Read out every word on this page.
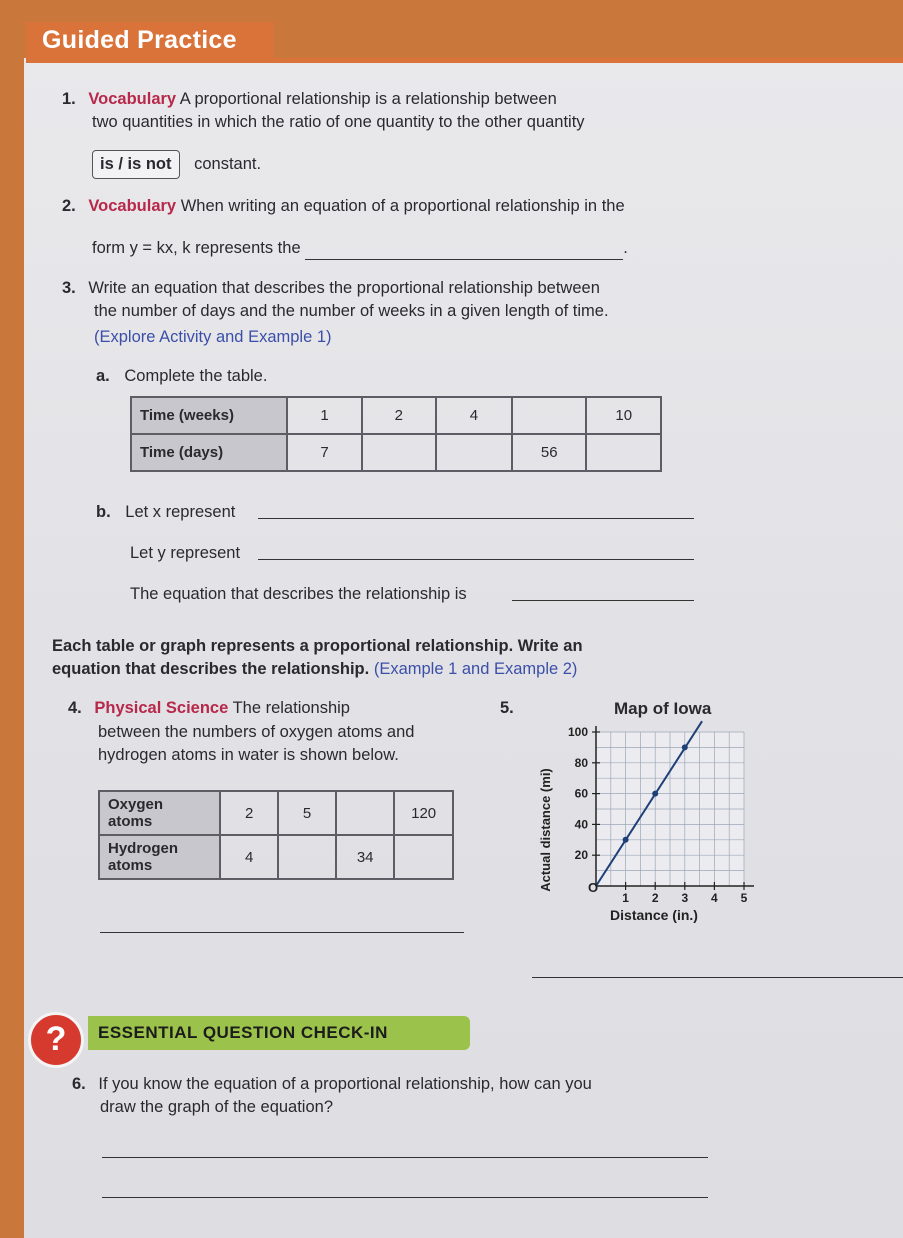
Guided Practice
1. Vocabulary A proportional relationship is a relationship between
two quantities in which the ratio of one quantity to the other quantity
is / is not constant.
2. Vocabulary When writing an equation of a proportional relationship in the
form y = kx, k represents the	.
3. Write an equation that describes the proportional relationship between
the number of days and the number of weeks in a given length of time.
(Explore Activity and Example 1)
a. Complete the table.
Time (weeks)	1	2	4		10
Time (days)	7			56	
b. Let x represent
Let y represent
The equation that describes the relationship is
Each table or graph represents a proportional relationship. Write an
equation that describes the relationship. (Example 1 and Example 2)
4. Physical Science The relationship
between the numbers of oxygen atoms and
hydrogen atoms in water is shown below.
Oxygen
atoms	2	5		120

Hydrogen
atoms	4		34	
5.	Map of Iowa
1 2 3 4 5
20
40
60
80
100
Actual distance (mi)	O
Distance (in.)
?	ESSENTIAL QUESTION CHECK-IN
6. If you know the equation of a proportional relationship, how can you
draw the graph of the equation?
